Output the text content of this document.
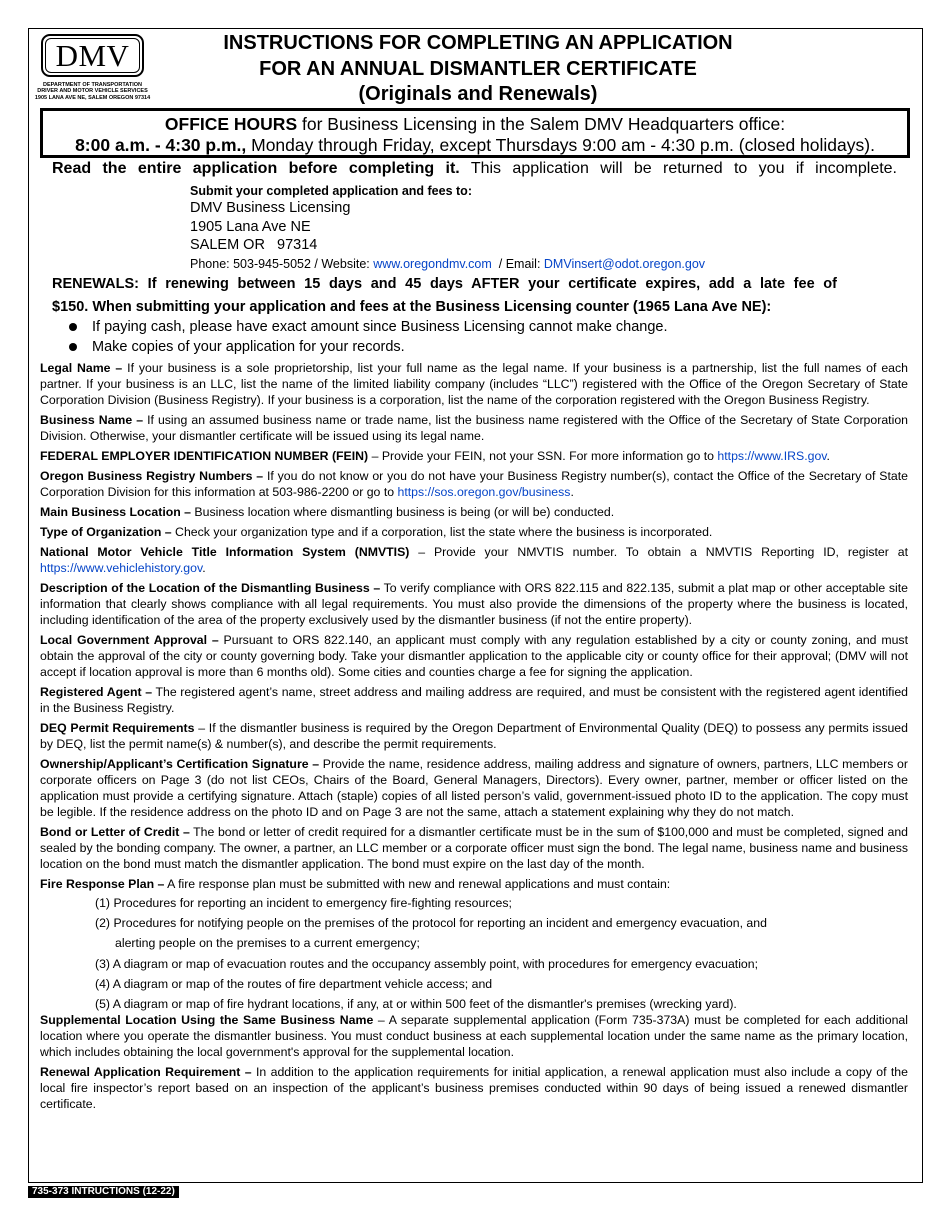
DMV
DEPARTMENT OF TRANSPORTATION
DRIVER AND MOTOR VEHICLE SERVICES
1905 LANA AVE NE, SALEM OREGON 97314
INSTRUCTIONS FOR COMPLETING AN APPLICATION
FOR AN ANNUAL DISMANTLER CERTIFICATE
(Originals and Renewals)
OFFICE HOURS for Business Licensing in the Salem DMV Headquarters office:
8:00 a.m. - 4:30 p.m., Monday through Friday, except Thursdays 9:00 am - 4:30 p.m. (closed holidays).
Read the entire application before completing it. This application will be returned to you if incomplete.
Submit your completed application and fees to:
DMV Business Licensing
1905 Lana Ave NE
SALEM OR   97314
Phone: 503-945-5052 / Website: www.oregondmv.com  / Email: DMVinsert@odot.oregon.gov
RENEWALS: If renewing between 15 days and 45 days AFTER your certificate expires, add a late fee of
$150. When submitting your application and fees at the Business Licensing counter (1965 Lana Ave NE):
If paying cash, please have exact amount since Business Licensing cannot make change.
Make copies of your application for your records.

Legal Name – If your business is a sole proprietorship, list your full name as the legal name. If your business is a partnership, list the full names of each partner. If your business is an LLC, list the name of the limited liability company (includes “LLC”) registered with the Office of the Oregon Secretary of State Corporation Division (Business Registry). If your business is a corporation, list the name of the corporation registered with the Oregon Business Registry.

Business Name – If using an assumed business name or trade name, list the business name registered with the Office of the Secretary of State Corporation Division. Otherwise, your dismantler certificate will be issued using its legal name.

FEDERAL EMPLOYER IDENTIFICATION NUMBER (FEIN) – Provide your FEIN, not your SSN. For more information go to https://www.IRS.gov.

Oregon Business Registry Numbers – If you do not know or you do not have your Business Registry number(s), contact the Office of the Secretary of State Corporation Division for this information at 503-986-2200 or go to https://sos.oregon.gov/business.

Main Business Location – Business location where dismantling business is being (or will be) conducted.

Type of Organization – Check your organization type and if a corporation, list the state where the business is incorporated.

National Motor Vehicle Title Information System (NMVTIS) – Provide your NMVTIS number. To obtain a NMVTIS Reporting ID, register at https://www.vehiclehistory.gov.

Description of the Location of the Dismantling Business – To verify compliance with ORS 822.115 and 822.135, submit a plat map or other acceptable site information that clearly shows compliance with all legal requirements. You must also provide the dimensions of the property where the business is located, including identification of the area of the property exclusively used by the dismantler business (if not the entire property).

Local Government Approval – Pursuant to ORS 822.140, an applicant must comply with any regulation established by a city or county zoning, and must obtain the approval of the city or county governing body. Take your dismantler application to the applicable city or county office for their approval; (DMV will not accept if location approval is more than 6 months old). Some cities and counties charge a fee for signing the application.

Registered Agent – The registered agent’s name, street address and mailing address are required, and must be consistent with the registered agent identified in the Business Registry.

DEQ Permit Requirements – If the dismantler business is required by the Oregon Department of Environmental Quality (DEQ) to possess any permits issued by DEQ, list the permit name(s) & number(s), and describe the permit requirements.

Ownership/Applicant’s Certification Signature – Provide the name, residence address, mailing address and signature of owners, partners, LLC members or corporate officers on Page 3 (do not list CEOs, Chairs of the Board, General Managers, Directors). Every owner, partner, member or officer listed on the application must provide a certifying signature. Attach (staple) copies of all listed person’s valid, government-issued photo ID to the application. The copy must be legible. If the residence address on the photo ID and on Page 3 are not the same, attach a statement explaining why they do not match.

Bond or Letter of Credit – The bond or letter of credit required for a dismantler certificate must be in the sum of $100,000 and must be completed, signed and sealed by the bonding company. The owner, a partner, an LLC member or a corporate officer must sign the bond. The legal name, business name and business location on the bond must match the dismantler application. The bond must expire on the last day of the month.

Fire Response Plan – A fire response plan must be submitted with new and renewal applications and must contain:

(1) Procedures for reporting an incident to emergency fire-fighting resources;
(2) Procedures for notifying people on the premises of the protocol for reporting an incident and emergency evacuation, and
alerting people on the premises to a current emergency;
(3) A diagram or map of evacuation routes and the occupancy assembly point, with procedures for emergency evacuation;
(4) A diagram or map of the routes of fire department vehicle access; and
(5) A diagram or map of fire hydrant locations, if any, at or within 500 feet of the dismantler's premises (wrecking yard).

Supplemental Location Using the Same Business Name – A separate supplemental application (Form 735-373A) must be completed for each additional location where you operate the dismantler business. You must conduct business at each supplemental location under the same name as the primary location, which includes obtaining the local government's approval for the supplemental location.

Renewal Application Requirement – In addition to the application requirements for initial application, a renewal application must also include a copy of the local fire inspector’s report based on an inspection of the applicant’s business premises conducted within 90 days of being issued a renewed dismantler certificate.

735-373 INTRUCTIONS (12-22)
